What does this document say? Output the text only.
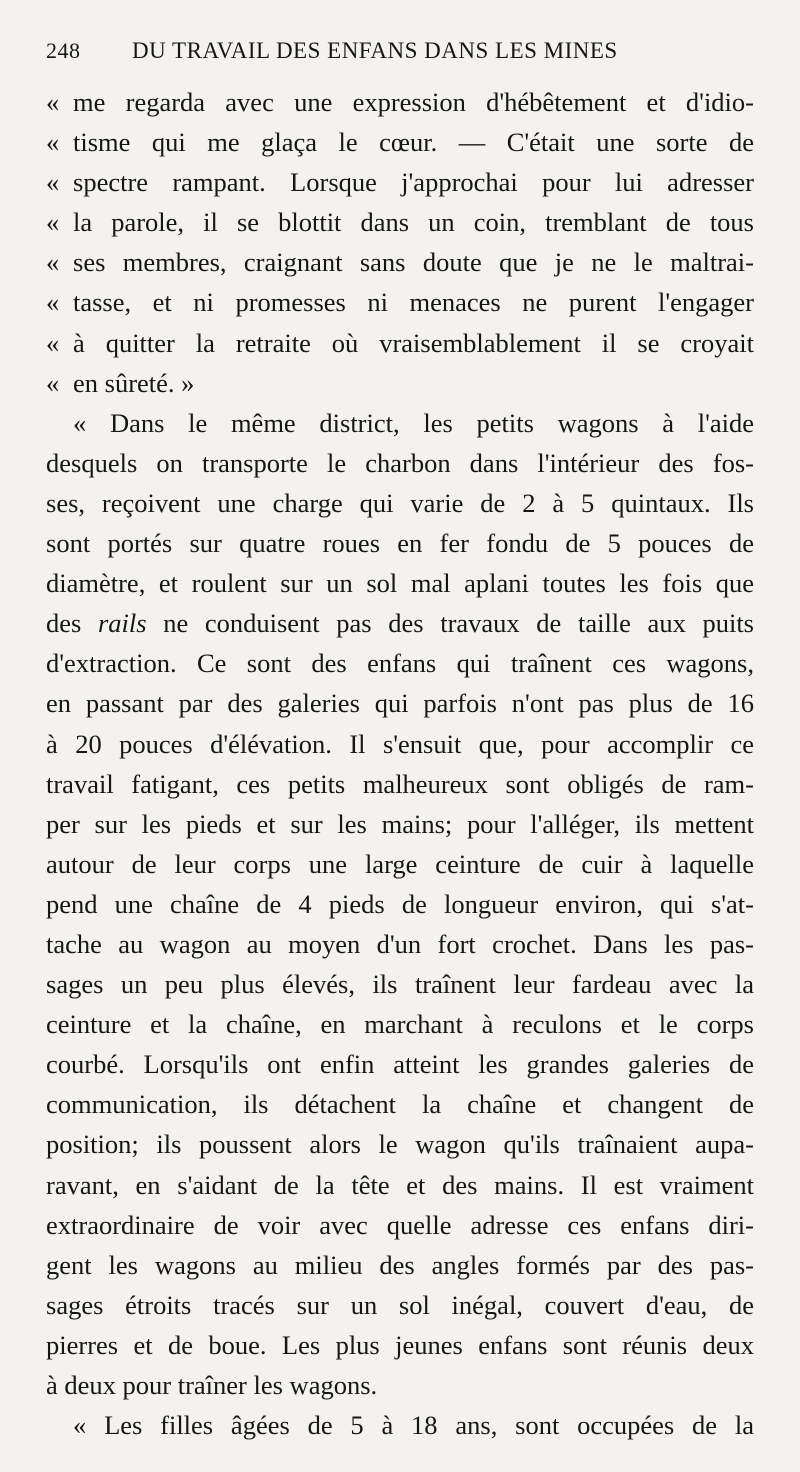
248	DU TRAVAIL DES ENFANS DANS LES MINES
« me regarda avec une expression d'hébêtement et d'idio-
« tisme qui me glaça le cœur. — C'était une sorte de
« spectre rampant. Lorsque j'approchai pour lui adresser
« la parole, il se blottit dans un coin, tremblant de tous
« ses membres, craignant sans doute que je ne le maltrai-
« tasse, et ni promesses ni menaces ne purent l'engager
« à quitter la retraite où vraisemblablement il se croyait
« en sûreté. »
« Dans le même district, les petits wagons à l'aide
desquels on transporte le charbon dans l'intérieur des fos-
ses, reçoivent une charge qui varie de 2 à 5 quintaux. Ils
sont portés sur quatre roues en fer fondu de 5 pouces de
diamètre, et roulent sur un sol mal aplani toutes les fois que
des rails ne conduisent pas des travaux de taille aux puits
d'extraction. Ce sont des enfans qui traînent ces wagons,
en passant par des galeries qui parfois n'ont pas plus de 16
à 20 pouces d'élévation. Il s'ensuit que, pour accomplir ce
travail fatigant, ces petits malheureux sont obligés de ram-
per sur les pieds et sur les mains; pour l'alléger, ils mettent
autour de leur corps une large ceinture de cuir à laquelle
pend une chaîne de 4 pieds de longueur environ, qui s'at-
tache au wagon au moyen d'un fort crochet. Dans les pas-
sages un peu plus élevés, ils traînent leur fardeau avec la
ceinture et la chaîne, en marchant à reculons et le corps
courbé. Lorsqu'ils ont enfin atteint les grandes galeries de
communication, ils détachent la chaîne et changent de
position; ils poussent alors le wagon qu'ils traînaient aupa-
ravant, en s'aidant de la tête et des mains. Il est vraiment
extraordinaire de voir avec quelle adresse ces enfans diri-
gent les wagons au milieu des angles formés par des pas-
sages étroits tracés sur un sol inégal, couvert d'eau, de
pierres et de boue. Les plus jeunes enfans sont réunis deux
à deux pour traîner les wagons.
« Les filles âgées de 5 à 18 ans, sont occupées de la
